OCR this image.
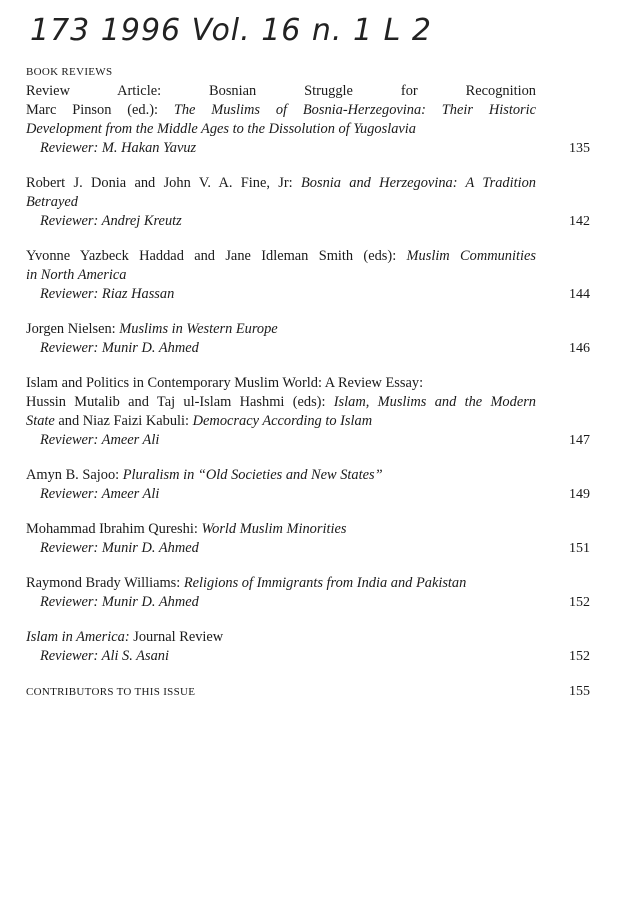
173 1996 Vol. 16 n. 1 L 2
BOOK REVIEWS
Review Article: Bosnian Struggle for Recognition
Marc Pinson (ed.): The Muslims of Bosnia-Herzegovina: Their Historic
Development from the Middle Ages to the Dissolution of Yugoslavia
Reviewer: M. Hakan Yavuz	135
Robert J. Donia and John V. A. Fine, Jr: Bosnia and Herzegovina: A Tradition
Betrayed
Reviewer: Andrej Kreutz	142
Yvonne Yazbeck Haddad and Jane Idleman Smith (eds): Muslim Communities
in North America
Reviewer: Riaz Hassan	144
Jorgen Nielsen: Muslims in Western Europe
Reviewer: Munir D. Ahmed	146
Islam and Politics in Contemporary Muslim World: A Review Essay:
Hussin Mutalib and Taj ul-Islam Hashmi (eds): Islam, Muslims and the Modern
State and Niaz Faizi Kabuli: Democracy According to Islam
Reviewer: Ameer Ali	147
Amyn B. Sajoo: Pluralism in “Old Societies and New States”
Reviewer: Ameer Ali	149
Mohammad Ibrahim Qureshi: World Muslim Minorities
Reviewer: Munir D. Ahmed	151
Raymond Brady Williams: Religions of Immigrants from India and Pakistan
Reviewer: Munir D. Ahmed	152
Islam in America: Journal Review
Reviewer: Ali S. Asani	152
CONTRIBUTORS TO THIS ISSUE	155
